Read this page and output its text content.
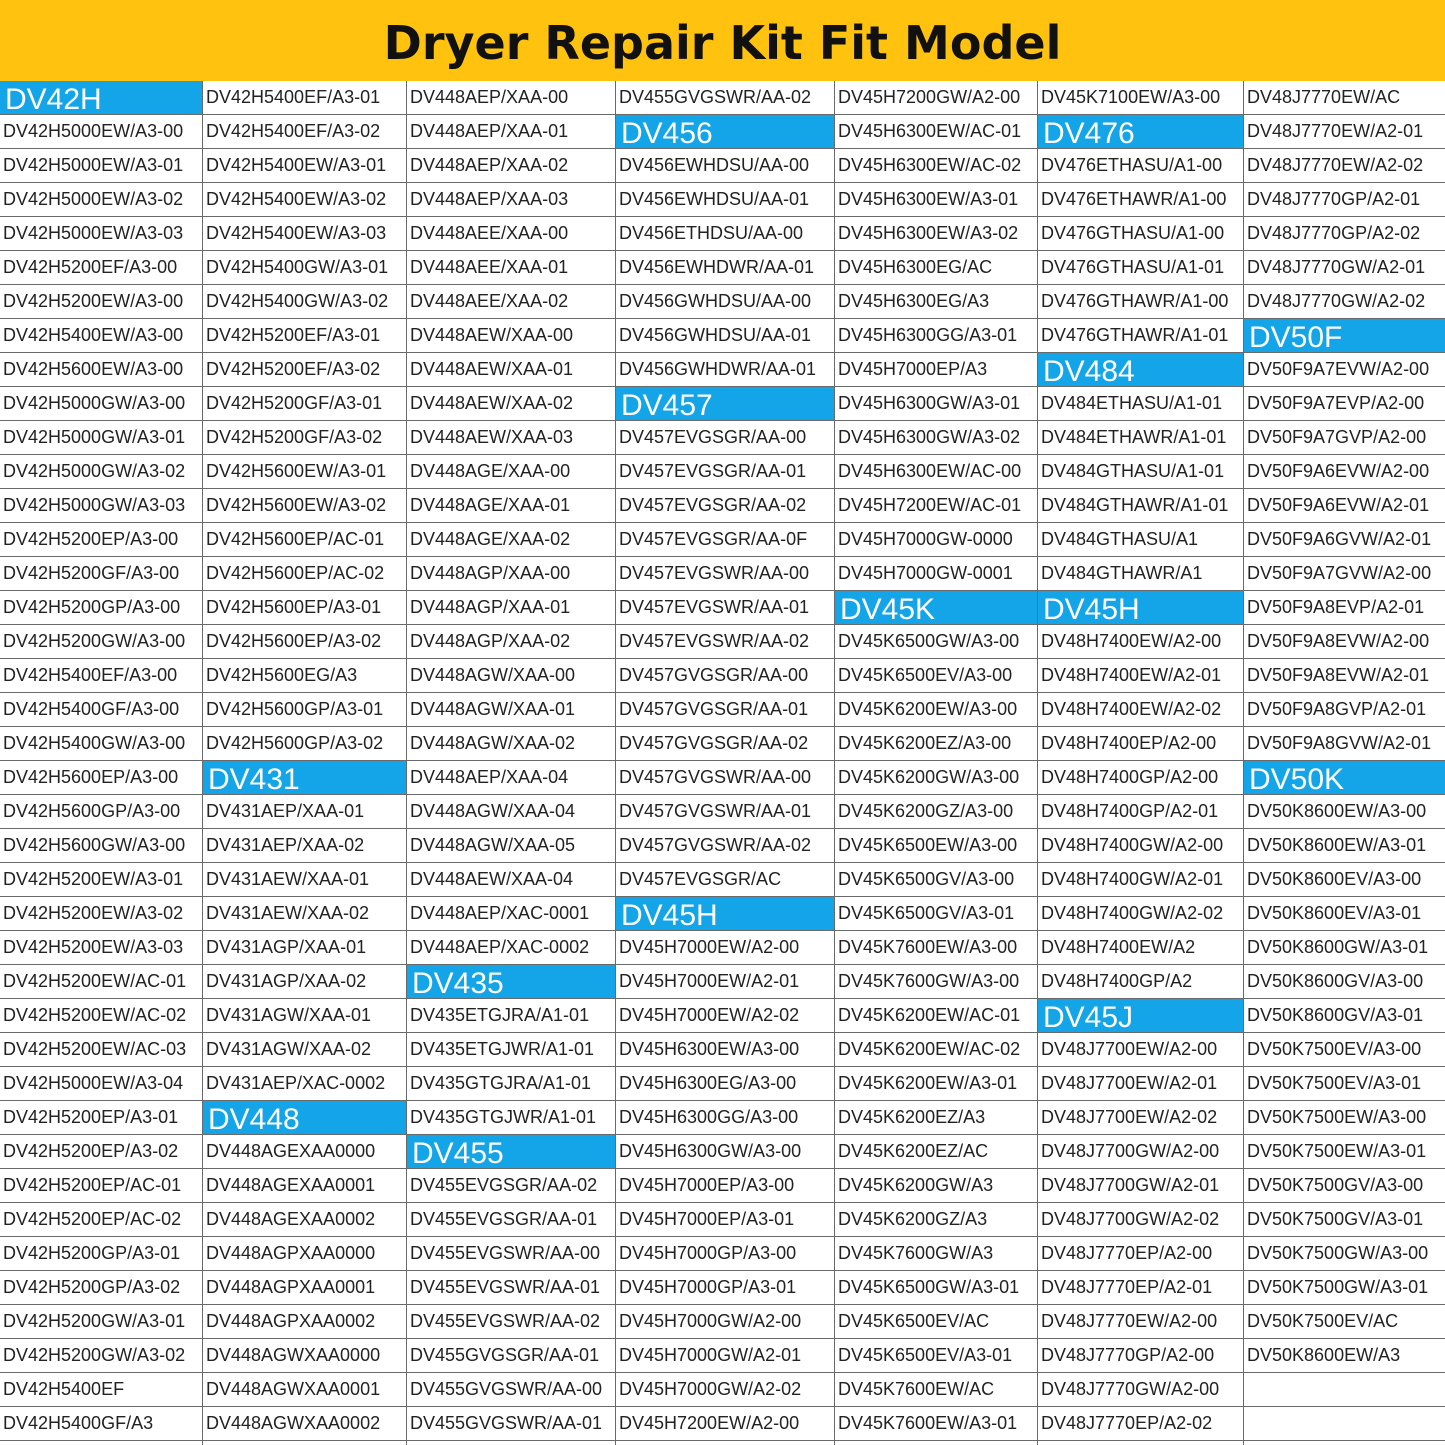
Dryer Repair Kit Fit Model
DV42H
DV42H5000EW/A3-00
DV42H5000EW/A3-01
DV42H5000EW/A3-02
DV42H5000EW/A3-03
DV42H5200EF/A3-00
DV42H5200EW/A3-00
DV42H5400EW/A3-00
DV42H5600EW/A3-00
DV42H5000GW/A3-00
DV42H5000GW/A3-01
DV42H5000GW/A3-02
DV42H5000GW/A3-03
DV42H5200EP/A3-00
DV42H5200GF/A3-00
DV42H5200GP/A3-00
DV42H5200GW/A3-00
DV42H5400EF/A3-00
DV42H5400GF/A3-00
DV42H5400GW/A3-00
DV42H5600EP/A3-00
DV42H5600GP/A3-00
DV42H5600GW/A3-00
DV42H5200EW/A3-01
DV42H5200EW/A3-02
DV42H5200EW/A3-03
DV42H5200EW/AC-01
DV42H5200EW/AC-02
DV42H5200EW/AC-03
DV42H5000EW/A3-04
DV42H5200EP/A3-01
DV42H5200EP/A3-02
DV42H5200EP/AC-01
DV42H5200EP/AC-02
DV42H5200GP/A3-01
DV42H5200GP/A3-02
DV42H5200GW/A3-01
DV42H5200GW/A3-02
DV42H5400EF
DV42H5400GF/A3
DV42H5400EF/A3-01
DV42H5400EF/A3-02
DV42H5400EW/A3-01
DV42H5400EW/A3-02
DV42H5400EW/A3-03
DV42H5400GW/A3-01
DV42H5400GW/A3-02
DV42H5200EF/A3-01
DV42H5200EF/A3-02
DV42H5200GF/A3-01
DV42H5200GF/A3-02
DV42H5600EW/A3-01
DV42H5600EW/A3-02
DV42H5600EP/AC-01
DV42H5600EP/AC-02
DV42H5600EP/A3-01
DV42H5600EP/A3-02
DV42H5600EG/A3
DV42H5600GP/A3-01
DV42H5600GP/A3-02
DV431
DV431AEP/XAA-01
DV431AEP/XAA-02
DV431AEW/XAA-01
DV431AEW/XAA-02
DV431AGP/XAA-01
DV431AGP/XAA-02
DV431AGW/XAA-01
DV431AGW/XAA-02
DV431AEP/XAC-0002
DV448
DV448AGEXAA0000
DV448AGEXAA0001
DV448AGEXAA0002
DV448AGPXAA0000
DV448AGPXAA0001
DV448AGPXAA0002
DV448AGWXAA0000
DV448AGWXAA0001
DV448AGWXAA0002
DV448AEP/XAA-00
DV448AEP/XAA-01
DV448AEP/XAA-02
DV448AEP/XAA-03
DV448AEE/XAA-00
DV448AEE/XAA-01
DV448AEE/XAA-02
DV448AEW/XAA-00
DV448AEW/XAA-01
DV448AEW/XAA-02
DV448AEW/XAA-03
DV448AGE/XAA-00
DV448AGE/XAA-01
DV448AGE/XAA-02
DV448AGP/XAA-00
DV448AGP/XAA-01
DV448AGP/XAA-02
DV448AGW/XAA-00
DV448AGW/XAA-01
DV448AGW/XAA-02
DV448AEP/XAA-04
DV448AGW/XAA-04
DV448AGW/XAA-05
DV448AEW/XAA-04
DV448AEP/XAC-0001
DV448AEP/XAC-0002
DV435
DV435ETGJRA/A1-01
DV435ETGJWR/A1-01
DV435GTGJRA/A1-01
DV435GTGJWR/A1-01
DV455
DV455EVGSGR/AA-02
DV455EVGSGR/AA-01
DV455EVGSWR/AA-00
DV455EVGSWR/AA-01
DV455EVGSWR/AA-02
DV455GVGSGR/AA-01
DV455GVGSWR/AA-00
DV455GVGSWR/AA-01
DV455GVGSWR/AA-02
DV456
DV456EWHDSU/AA-00
DV456EWHDSU/AA-01
DV456ETHDSU/AA-00
DV456EWHDWR/AA-01
DV456GWHDSU/AA-00
DV456GWHDSU/AA-01
DV456GWHDWR/AA-01
DV457
DV457EVGSGR/AA-00
DV457EVGSGR/AA-01
DV457EVGSGR/AA-02
DV457EVGSGR/AA-0F
DV457EVGSWR/AA-00
DV457EVGSWR/AA-01
DV457EVGSWR/AA-02
DV457GVGSGR/AA-00
DV457GVGSGR/AA-01
DV457GVGSGR/AA-02
DV457GVGSWR/AA-00
DV457GVGSWR/AA-01
DV457GVGSWR/AA-02
DV457EVGSGR/AC
DV45H
DV45H7000EW/A2-00
DV45H7000EW/A2-01
DV45H7000EW/A2-02
DV45H6300EW/A3-00
DV45H6300EG/A3-00
DV45H6300GG/A3-00
DV45H6300GW/A3-00
DV45H7000EP/A3-00
DV45H7000EP/A3-01
DV45H7000GP/A3-00
DV45H7000GP/A3-01
DV45H7000GW/A2-00
DV45H7000GW/A2-01
DV45H7000GW/A2-02
DV45H7200EW/A2-00
DV45H7200GW/A2-00
DV45H6300EW/AC-01
DV45H6300EW/AC-02
DV45H6300EW/A3-01
DV45H6300EW/A3-02
DV45H6300EG/AC
DV45H6300EG/A3
DV45H6300GG/A3-01
DV45H7000EP/A3
DV45H6300GW/A3-01
DV45H6300GW/A3-02
DV45H6300EW/AC-00
DV45H7200EW/AC-01
DV45H7000GW-0000
DV45H7000GW-0001
DV45K
DV45K6500GW/A3-00
DV45K6500EV/A3-00
DV45K6200EW/A3-00
DV45K6200EZ/A3-00
DV45K6200GW/A3-00
DV45K6200GZ/A3-00
DV45K6500EW/A3-00
DV45K6500GV/A3-00
DV45K6500GV/A3-01
DV45K7600EW/A3-00
DV45K7600GW/A3-00
DV45K6200EW/AC-01
DV45K6200EW/AC-02
DV45K6200EW/A3-01
DV45K6200EZ/A3
DV45K6200EZ/AC
DV45K6200GW/A3
DV45K6200GZ/A3
DV45K7600GW/A3
DV45K6500GW/A3-01
DV45K6500EV/AC
DV45K6500EV/A3-01
DV45K7600EW/AC
DV45K7600EW/A3-01
DV45K7100EW/A3-00
DV476
DV476ETHASU/A1-00
DV476ETHAWR/A1-00
DV476GTHASU/A1-00
DV476GTHASU/A1-01
DV476GTHAWR/A1-00
DV476GTHAWR/A1-01
DV484
DV484ETHASU/A1-01
DV484ETHAWR/A1-01
DV484GTHASU/A1-01
DV484GTHAWR/A1-01
DV484GTHASU/A1
DV484GTHAWR/A1
DV45H
DV48H7400EW/A2-00
DV48H7400EW/A2-01
DV48H7400EW/A2-02
DV48H7400EP/A2-00
DV48H7400GP/A2-00
DV48H7400GP/A2-01
DV48H7400GW/A2-00
DV48H7400GW/A2-01
DV48H7400GW/A2-02
DV48H7400EW/A2
DV48H7400GP/A2
DV45J
DV48J7700EW/A2-00
DV48J7700EW/A2-01
DV48J7700EW/A2-02
DV48J7700GW/A2-00
DV48J7700GW/A2-01
DV48J7700GW/A2-02
DV48J7770EP/A2-00
DV48J7770EP/A2-01
DV48J7770EW/A2-00
DV48J7770GP/A2-00
DV48J7770GW/A2-00
DV48J7770EP/A2-02
DV48J7770EW/AC
DV48J7770EW/A2-01
DV48J7770EW/A2-02
DV48J7770GP/A2-01
DV48J7770GP/A2-02
DV48J7770GW/A2-01
DV48J7770GW/A2-02
DV50F
DV50F9A7EVW/A2-00
DV50F9A7EVP/A2-00
DV50F9A7GVP/A2-00
DV50F9A6EVW/A2-00
DV50F9A6EVW/A2-01
DV50F9A6GVW/A2-01
DV50F9A7GVW/A2-00
DV50F9A8EVP/A2-01
DV50F9A8EVW/A2-00
DV50F9A8EVW/A2-01
DV50F9A8GVP/A2-01
DV50F9A8GVW/A2-01
DV50K
DV50K8600EW/A3-00
DV50K8600EW/A3-01
DV50K8600EV/A3-00
DV50K8600EV/A3-01
DV50K8600GW/A3-01
DV50K8600GV/A3-00
DV50K8600GV/A3-01
DV50K7500EV/A3-00
DV50K7500EV/A3-01
DV50K7500EW/A3-00
DV50K7500EW/A3-01
DV50K7500GV/A3-00
DV50K7500GV/A3-01
DV50K7500GW/A3-00
DV50K7500GW/A3-01
DV50K7500EV/AC
DV50K8600EW/A3
